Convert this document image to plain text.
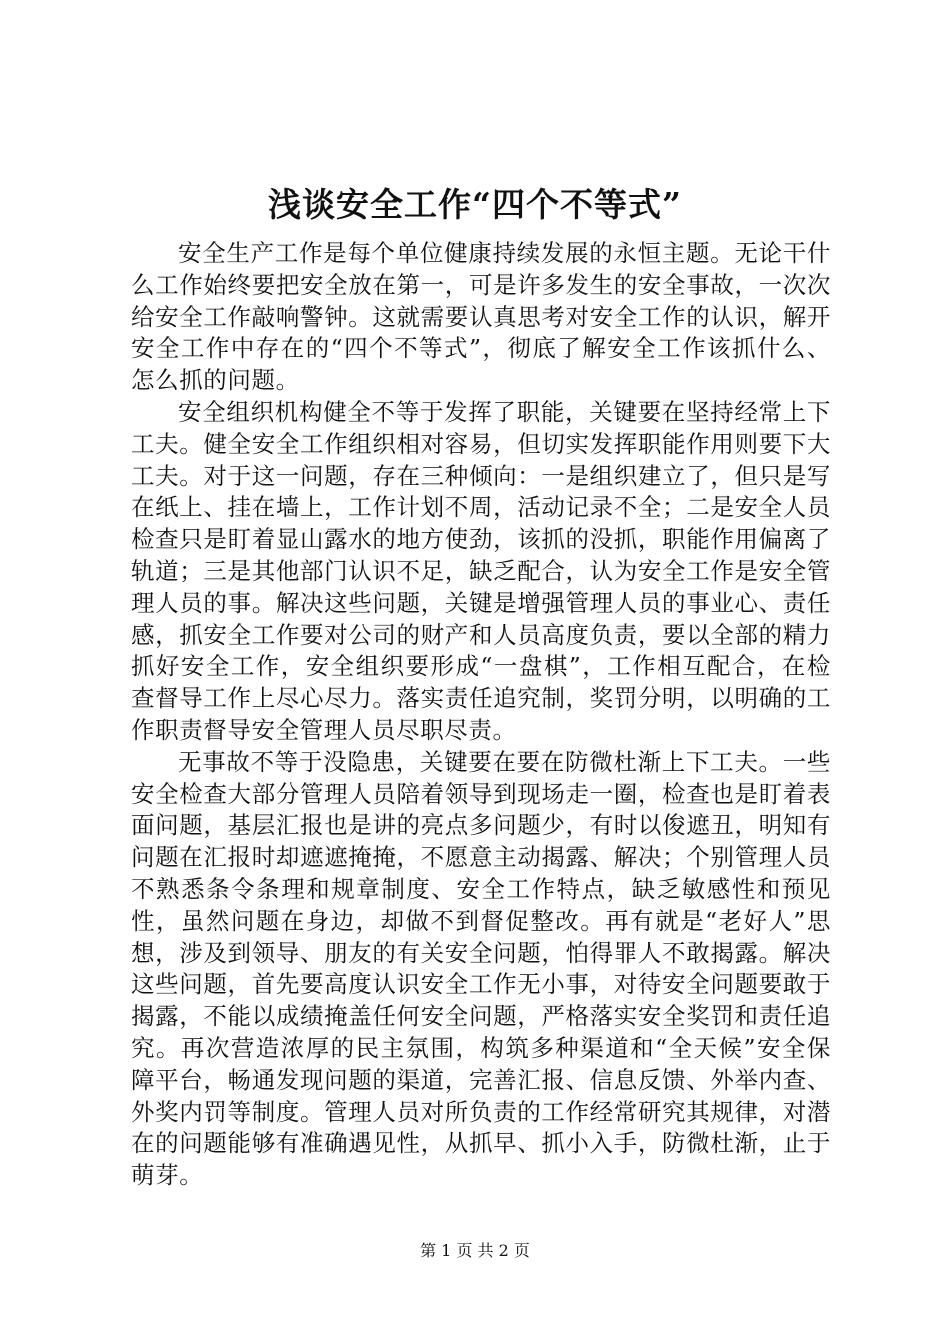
浅谈安全工作“四个不等式”

安全生产工作是每个单位健康持续发展的永恒主题。无论干什么工作始终要把安全放在第一，可是许多发生的安全事故，一次次给安全工作敲响警钟。这就需要认真思考对安全工作的认识，解开安全工作中存在的“四个不等式”，彻底了解安全工作该抓什么、怎么抓的问题。

安全组织机构健全不等于发挥了职能，关键要在坚持经常上下工夫。健全安全工作组织相对容易，但切实发挥职能作用则要下大工夫。对于这一问题，存在三种倾向：一是组织建立了，但只是写在纸上、挂在墙上，工作计划不周，活动记录不全；二是安全人员检查只是盯着显山露水的地方使劲，该抓的没抓，职能作用偏离了轨道；三是其他部门认识不足，缺乏配合，认为安全工作是安全管理人员的事。解决这些问题，关键是增强管理人员的事业心、责任感，抓安全工作要对公司的财产和人员高度负责，要以全部的精力抓好安全工作，安全组织要形成“一盘棋”，工作相互配合，在检查督导工作上尽心尽力。落实责任追究制，奖罚分明，以明确的工作职责督导安全管理人员尽职尽责。

无事故不等于没隐患，关键要在要在防微杜渐上下工夫。一些安全检查大部分管理人员陪着领导到现场走一圈，检查也是盯着表面问题，基层汇报也是讲的亮点多问题少，有时以俊遮丑，明知有问题在汇报时却遮遮掩掩，不愿意主动揭露、解决；个别管理人员不熟悉条令条理和规章制度、安全工作特点，缺乏敏感性和预见性，虽然问题在身边，却做不到督促整改。再有就是“老好人”思想，涉及到领导、朋友的有关安全问题，怕得罪人不敢揭露。解决这些问题，首先要高度认识安全工作无小事，对待安全问题要敢于揭露，不能以成绩掩盖任何安全问题，严格落实安全奖罚和责任追究。再次营造浓厚的民主氛围，构筑多种渠道和“全天候”安全保障平台，畅通发现问题的渠道，完善汇报、信息反馈、外举内查、外奖内罚等制度。管理人员对所负责的工作经常研究其规律，对潜在的问题能够有准确遇见性，从抓早、抓小入手，防微杜渐，止于萌芽。

第 1 页 共 2 页
